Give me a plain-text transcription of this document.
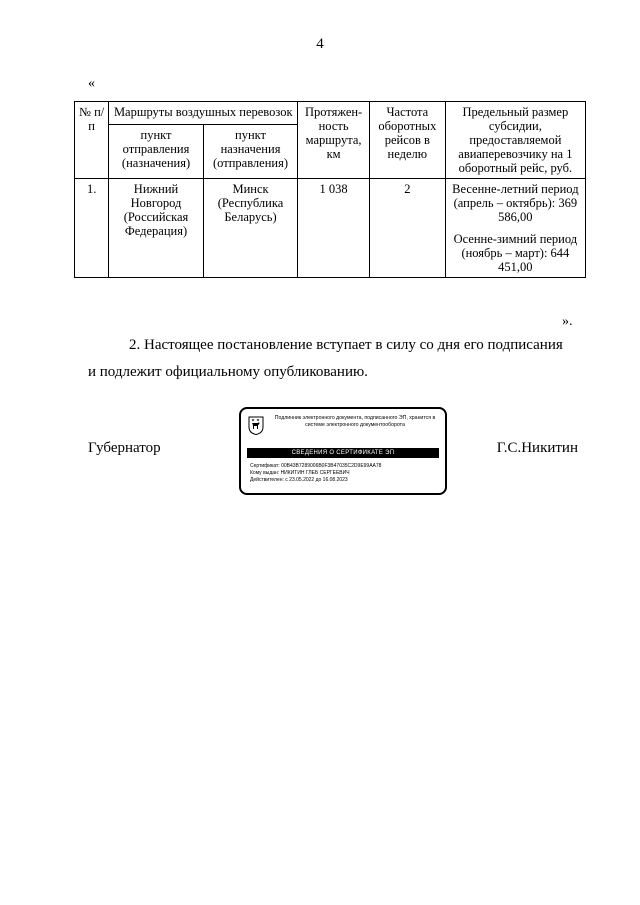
4
«
№ п/п	Маршруты воздушных перевозок		Протяжен-ность маршрута, км	Частота оборотных рейсов в неделю	Предельный размер субсидии, предоставляемой авиаперевозчику на 1 оборотный рейс, руб.
	пункт отправления (назначения)	пункт назначения (отправления)			
1.	Нижний Новгород (Российская Федерация)	Минск (Республика Беларусь)	1 038	2	Весенне-летний период (апрель – октябрь): 369 586,00

Осенне-зимний период (ноябрь – март): 644 451,00

».
2. Настоящее постановление вступает в силу со дня его подписания
и подлежит официальному опубликованию.
Губернатор
Подлинник электронного документа, подписанного ЭП, хранится в системе электронного документооборота
СВЕДЕНИЯ О СЕРТИФИКАТЕ ЭП
Сертификат: 00B43B7289006B0F3B47035C2D9E99AA78
Кому выдан: НИКИТИН ГЛЕБ СЕРГЕЕВИЧ
Действителен: с 23.05.2022 до 16.08.2023
Г.С.Никитин
